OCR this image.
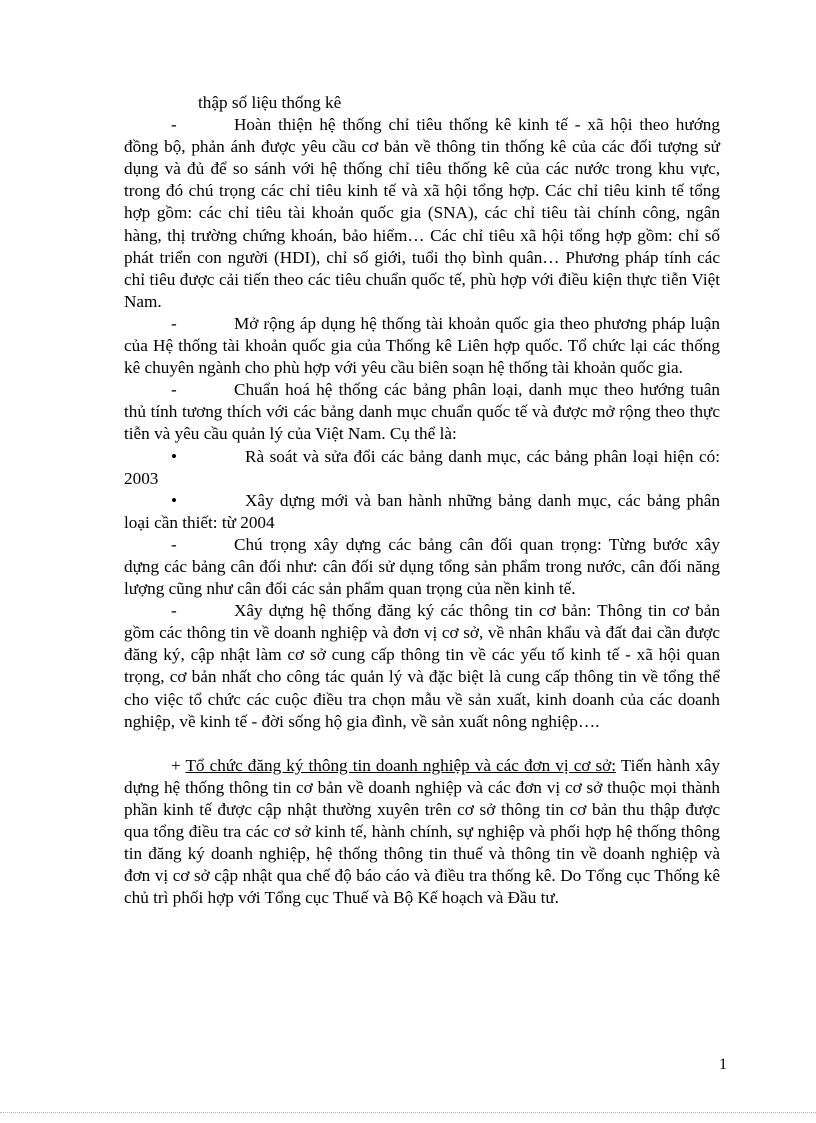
thập số liệu thống kê

-	Hoàn thiện hệ thống chỉ tiêu thống kê kinh tế - xã hội theo hướng đồng bộ, phản ánh được yêu cầu cơ bản về thông tin thống kê của các đối tượng sử dụng và đủ để so sánh với hệ thống chỉ tiêu thống kê của các nước trong khu vực, trong đó chú trọng các chỉ tiêu kinh tế và xã hội tổng hợp. Các chỉ tiêu kinh tế tổng hợp gồm: các chỉ tiêu tài khoản quốc gia (SNA), các chỉ tiêu tài chính công, ngân hàng, thị trường chứng khoán, bảo hiểm… Các chỉ tiêu xã hội tổng hợp gồm: chỉ số phát triển con người (HDI), chỉ số giới, tuổi thọ bình quân… Phương pháp tính các chỉ tiêu được cải tiến theo các tiêu chuẩn quốc tế, phù hợp với điều kiện thực tiễn Việt Nam.

-	Mở rộng áp dụng hệ thống tài khoản quốc gia theo phương pháp luận của Hệ thống tài khoản quốc gia của Thống kê Liên hợp quốc. Tổ chức lại các thống kê chuyên ngành cho phù hợp với yêu cầu biên soạn hệ thống tài khoản quốc gia.

-	Chuẩn hoá hệ thống các bảng phân loại, danh mục theo hướng tuân thủ tính tương thích với các bảng danh mục chuẩn quốc tế và được mở rộng theo thực tiễn và yêu cầu quản lý của Việt Nam. Cụ thể là:

•	Rà soát và sửa đổi các bảng danh mục, các bảng phân loại hiện có: 2003

•	Xây dựng mới và ban hành những bảng danh mục, các bảng phân loại cần thiết: từ 2004

-	Chú trọng xây dựng các bảng cân đối quan trọng: Từng bước xây dựng các bảng cân đối như: cân đối sử dụng tổng sản phẩm trong nước, cân đối năng lượng cũng như cân đối các sản phẩm quan trọng của nền kinh tế.

-	Xây dựng hệ thống đăng ký các thông tin cơ bản: Thông tin cơ bản gồm các thông tin về doanh nghiệp và đơn vị cơ sở, về nhân khẩu và đất đai cần được đăng ký, cập nhật làm cơ sở cung cấp thông tin về các yếu tố kinh tế - xã hội quan trọng, cơ bản nhất cho công tác quản lý và đặc biệt là cung cấp thông tin về tổng thể cho việc tổ chức các cuộc điều tra chọn mẫu về sản xuất, kinh doanh của các doanh nghiệp, về kinh tế - đời sống hộ gia đình, về sản xuất nông nghiệp….

+ Tổ chức đăng ký thông tin doanh nghiệp và các đơn vị cơ sở: Tiến hành xây dựng hệ thống thông tin cơ bản về doanh nghiệp và các đơn vị cơ sở thuộc mọi thành phần kinh tế được cập nhật thường xuyên trên cơ sở thông tin cơ bản thu thập được qua tổng điều tra các cơ sở kinh tế, hành chính, sự nghiệp và phối hợp hệ thống thông tin đăng ký doanh nghiệp, hệ thống thông tin thuế và thông tin về doanh nghiệp và đơn vị cơ sở cập nhật qua chế độ báo cáo và điều tra thống kê. Do Tổng cục Thống kê chủ trì phối hợp với Tổng cục Thuế và Bộ Kế hoạch và Đầu tư.

1
